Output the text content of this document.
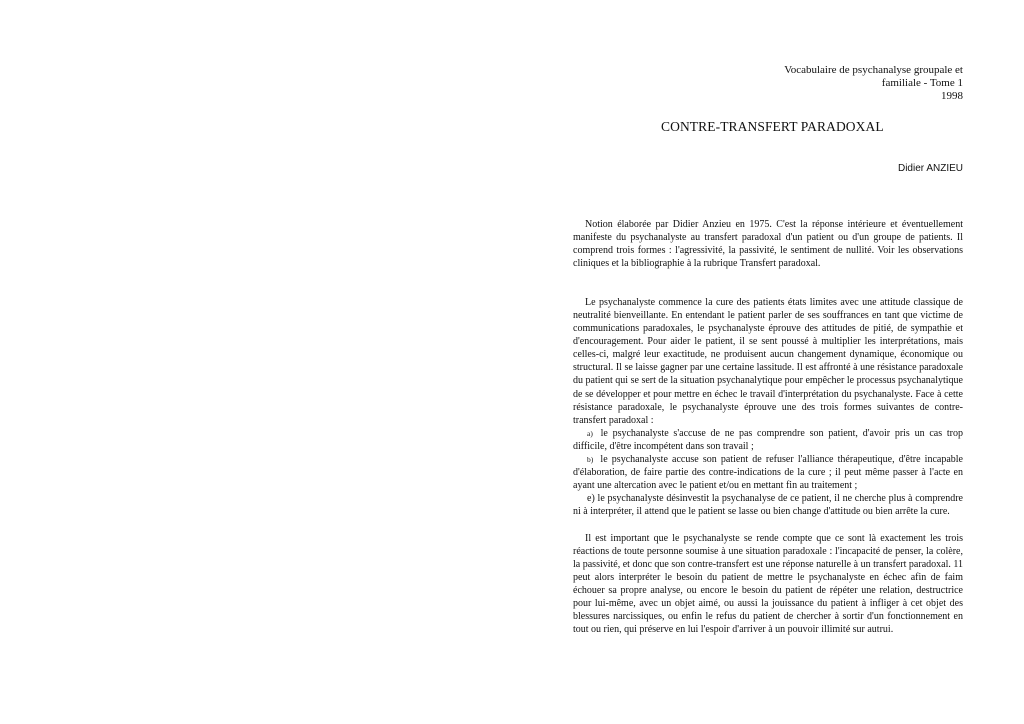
Vocabulaire de psychanalyse groupale et
familiale - Tome 1
1998
CONTRE-TRANSFERT PARADOXAL
Didier ANZIEU

Notion élaborée par Didier Anzieu en 1975. C'est la réponse intérieure et éventuellement manifeste du psychanalyste au transfert paradoxal d'un patient ou d'un groupe de patients. Il comprend trois formes : l'agressivité, la passivité, le sentiment de nullité. Voir les observations cliniques et la bibliographie à la rubrique Transfert paradoxal.

Le psychanalyste commence la cure des patients états limites avec une attitude classique de neutralité bienveillante. En entendant le patient parler de ses souffrances en tant que victime de communications paradoxales, le psychanalyste éprouve des attitudes de pitié, de sympathie et d'encouragement. Pour aider le patient, il se sent poussé à multiplier les interprétations, mais celles-ci, malgré leur exactitude, ne produisent aucun changement dynamique, économique ou structural. Il se laisse gagner par une certaine lassitude. Il est affronté à une résistance paradoxale du patient qui se sert de la situation psychanalytique pour empêcher le processus psychanalytique de se développer et pour mettre en échec le travail d'interprétation du psychanalyste. Face à cette résistance paradoxale, le psychanalyste éprouve une des trois formes suivantes de contre-transfert paradoxal :

a) le psychanalyste s'accuse de ne pas comprendre son patient, d'avoir pris un cas trop difficile, d'être incompétent dans son travail ;

b) le psychanalyste accuse son patient de refuser l'alliance thérapeutique, d'être incapable d'élaboration, de faire partie des contre-indications de la cure ; il peut même passer à l'acte en ayant une altercation avec le patient et/ou en mettant fin au traitement ;

e) le psychanalyste désinvestit la psychanalyse de ce patient, il ne cherche plus à comprendre ni à interpréter, il attend que le patient se lasse ou bien change d'attitude ou bien arrête la cure.

Il est important que le psychanalyste se rende compte que ce sont là exactement les trois réactions de toute personne soumise à une situation paradoxale : l'incapacité de penser, la colère, la passivité, et donc que son contre-transfert est une réponse naturelle à un transfert paradoxal. 11 peut alors interpréter le besoin du patient de mettre le psychanalyste en échec afin de faim échouer sa propre analyse, ou encore le besoin du patient de répéter une relation, destructrice pour lui-même, avec un objet aimé, ou aussi la jouissance du patient à infliger à cet objet des blessures narcissiques, ou enfin le refus du patient de chercher à sortir d'un fonctionnement en tout ou rien, qui préserve en lui l'espoir d'arriver à un pouvoir illimité sur autrui.
